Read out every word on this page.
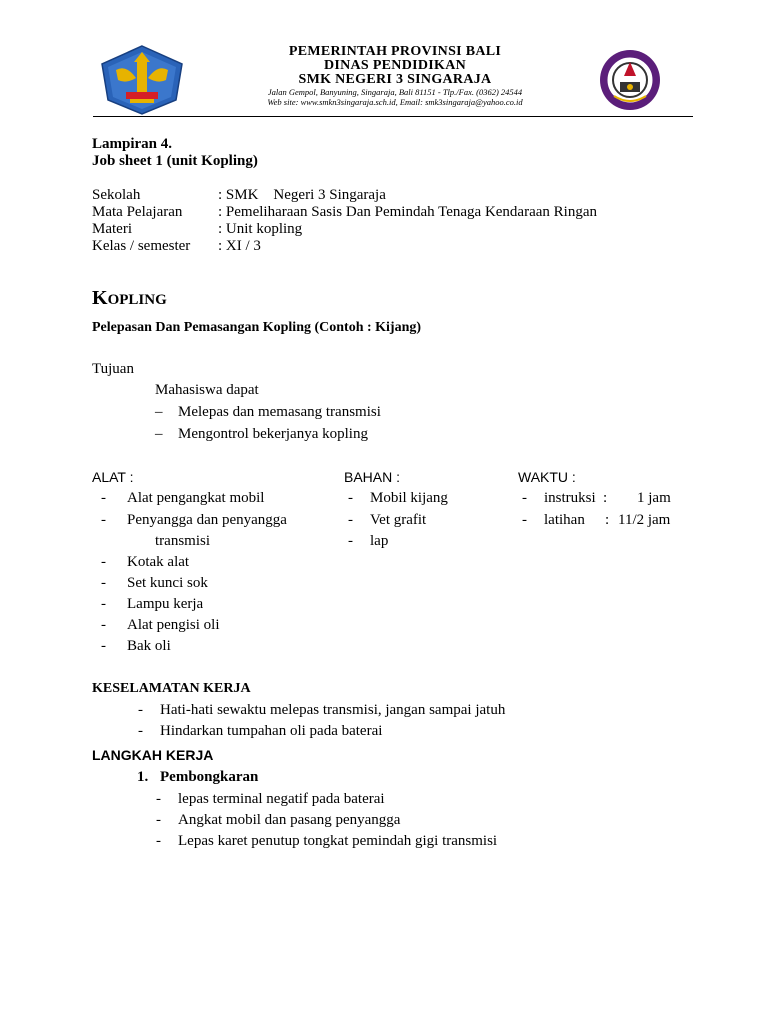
PEMERINTAH PROVINSI BALI
DINAS PENDIDIKAN
SMK NEGERI 3 SINGARAJA
Jalan Gempol, Banyuning, Singaraja, Bali 81151 - Tlp./Fax. (0362) 24544
Web site: www.smkn3singaraja.sch.id, Email: smk3singaraja@yahoo.co.id
Lampiran 4.
Job sheet 1 (unit Kopling)
Sekolah	: SMK    Negeri 3 Singaraja
Mata Pelajaran : Pemeliharaan Sasis Dan Pemindah Tenaga Kendaraan Ringan
Materi	: Unit kopling
Kelas / semester : XI / 3
KOPLING
Pelepasan Dan Pemasangan Kopling (Contoh : Kijang)
Tujuan
Mahasiswa dapat
– Melepas dan memasang transmisi
– Mengontrol bekerjanya kopling
ALAT :
- Alat pengangkat mobil
- Penyangga dan penyangga
transmisi
- Kotak alat
- Set kunci sok
- Lampu kerja
- Alat pengisi oli
- Bak oli
BAHAN :
- Mobil kijang
- Vet grafit
- lap
WAKTU :
- instruksi : 1 jam
- latihan : 11/2 jam
KESELAMATAN KERJA
- Hati-hati sewaktu melepas transmisi, jangan sampai jatuh
- Hindarkan tumpahan oli pada baterai
LANGKAH KERJA
1. Pembongkaran
- lepas terminal negatif pada baterai
- Angkat mobil dan pasang penyangga
- Lepas karet penutup tongkat pemindah gigi transmisi
